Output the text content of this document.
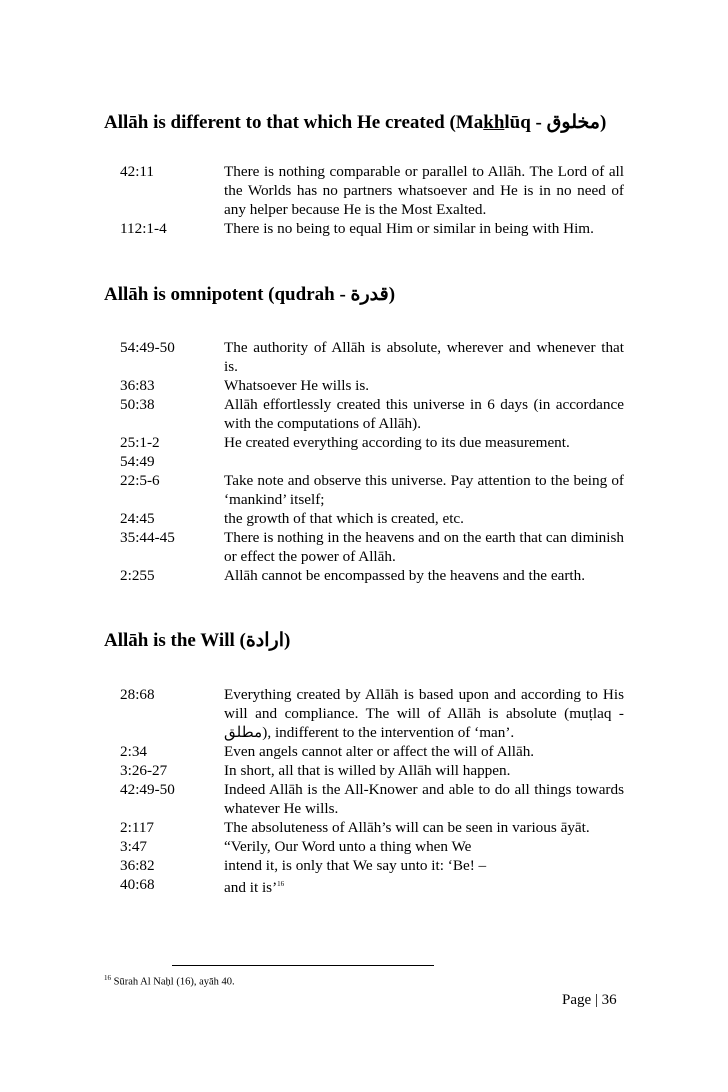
Allāh is different to that which He created (Makhlūq - مخلوق)
42:11	There is nothing comparable or parallel to Allāh. The Lord of all the Worlds has no partners whatsoever and He is in no need of any helper because He is the Most Exalted.
112:1-4	There is no being to equal Him or similar in being with Him.
Allāh is omnipotent (qudrah - قدرة)
54:49-50	The authority of Allāh is absolute, wherever and whenever that is.
36:83	Whatsoever He wills is.
50:38	Allāh effortlessly created this universe in 6 days (in accordance with the computations of Allāh).
25:1-2	He created everything according to its due measurement.
54:49
22:5-6	Take note and observe this universe. Pay attention to the being of ‘mankind’ itself;
24:45	the growth of that which is created, etc.
35:44-45	There is nothing in the heavens and on the earth that can diminish or effect the power of Allāh.
2:255	Allāh cannot be encompassed by the heavens and the earth.
Allāh is the Will (ارادة)
28:68	Everything created by Allāh is based upon and according to His will and compliance. The will of Allāh is absolute (muṭlaq - مطلق), indifferent to the intervention of ‘man’.
2:34	Even angels cannot alter or affect the will of Allāh.
3:26-27	In short, all that is willed by Allāh will happen.
42:49-50	Indeed Allāh is the All-Knower and able to do all things towards whatever He wills.
2:117	The absoluteness of Allāh’s will can be seen in various āyāt.
3:47	“Verily, Our Word unto a thing when We
36:82	intend it, is only that We say unto it: ‘Be! –
40:68	and it is’$^{16}$
$^{16}$ Sūrah Al Naḥl (16), ayāh 40.
Page | 36
